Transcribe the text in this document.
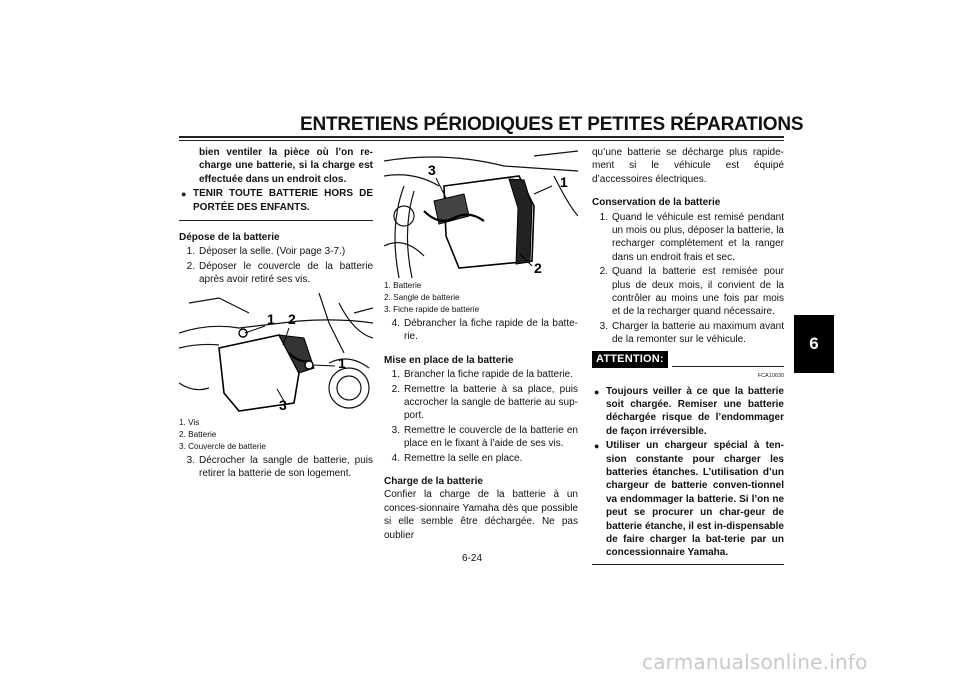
ENTRETIENS PÉRIODIQUES ET PETITES RÉPARATIONS
6
bien ventiler la pièce où l’on re-charge une batterie, si la charge est effectuée dans un endroit clos.
● TENIR TOUTE BATTERIE HORS DE PORTÉE DES ENFANTS.
Dépose de la batterie
1. Déposer la selle. (Voir page 3-7.)
2. Déposer le couvercle de la batterie après avoir retiré ses vis.
1 2
1
3
1. Vis
2. Batterie
3. Couvercle de batterie
3. Décrocher la sangle de batterie, puis retirer la batterie de son logement.
3
1
2
1. Batterie
2. Sangle de batterie
3. Fiche rapide de batterie
4. Débrancher la fiche rapide de la batte-rie.
Mise en place de la batterie
1. Brancher la fiche rapide de la batterie.
2. Remettre la batterie à sa place, puis accrocher la sangle de batterie au sup-port.
3. Remettre le couvercle de la batterie en place en le fixant à l’aide de ses vis.
4. Remettre la selle en place.
Charge de la batterie
Confier la charge de la batterie à un conces-sionnaire Yamaha dès que possible si elle semble être déchargée. Ne pas oublier
qu’une batterie se décharge plus rapide-ment si le véhicule est équipé d’accessoires électriques.
Conservation de la batterie
1. Quand le véhicule est remisé pendant un mois ou plus, déposer la batterie, la recharger complètement et la ranger dans un endroit frais et sec.
2. Quand la batterie est remisée pour plus de deux mois, il convient de la contrôler au moins une fois par mois et de la recharger quand nécessaire.
3. Charger la batterie au maximum avant de la remonter sur le véhicule.
ATTENTION:
FCA10630
● Toujours veiller à ce que la batterie soit chargée. Remiser une batterie déchargée risque de l’endommager de façon irréversible.
● Utiliser un chargeur spécial à ten-sion constante pour charger les batteries étanches. L’utilisation d’un chargeur de batterie conven-tionnel va endommager la batterie. Si l’on ne peut se procurer un char-geur de batterie étanche, il est in-dispensable de faire charger la bat-terie par un concessionnaire Yamaha.
6-24
carmanualsonline.info
